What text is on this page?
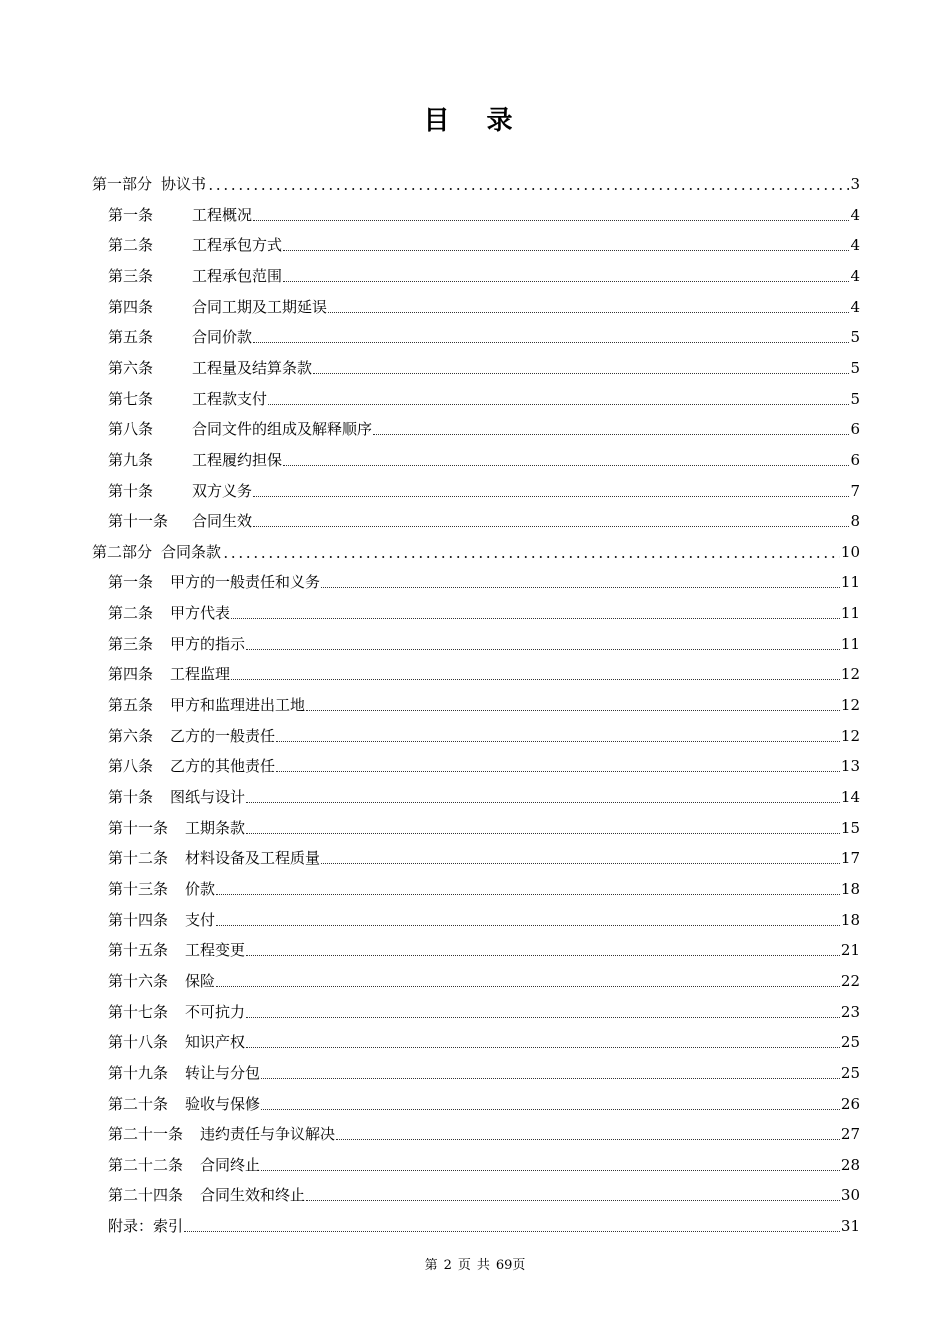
目 录
第一部分 协议书	3
第一条	工程概况	4
第二条	工程承包方式	4
第三条	工程承包范围	4
第四条	合同工期及工期延误	4
第五条	合同价款	5
第六条	工程量及结算条款	5
第七条	工程款支付	5
第八条	合同文件的组成及解释顺序	6
第九条	工程履约担保	6
第十条	双方义务	7
第十一条 合同生效	8
第二部分 合同条款	10
第一条 甲方的一般责任和义务	11
第二条 甲方代表	11
第三条 甲方的指示	11
第四条 工程监理	12
第五条 甲方和监理进出工地	12
第六条 乙方的一般责任	12
第八条 乙方的其他责任	13
第十条 图纸与设计	14
第十一条 工期条款	15
第十二条 材料设备及工程质量	17
第十三条 价款	18
第十四条 支付	18
第十五条 工程变更	21
第十六条 保险	22
第十七条 不可抗力	23
第十八条 知识产权	25
第十九条 转让与分包	25
第二十条 验收与保修	26
第二十一条 违约责任与争议解决	27
第二十二条 合同终止	28
第二十四条 合同生效和终止	30
附录：索引	31
第 2 页 共 69页
